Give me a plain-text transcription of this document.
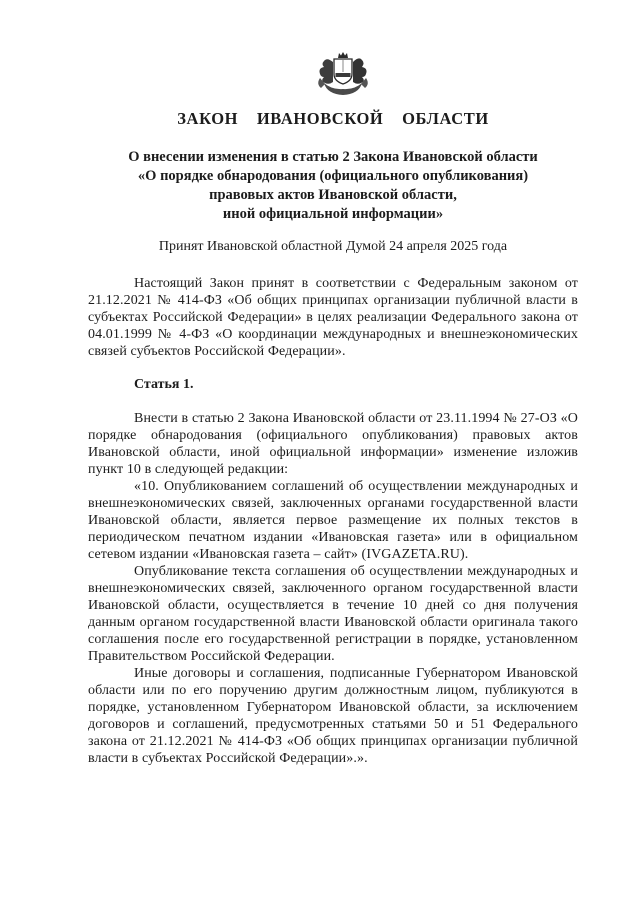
ЗАКОН ИВАНОВСКОЙ ОБЛАСТИ
О внесении изменения в статью 2 Закона Ивановской области
«О порядке обнародования (официального опубликования)
правовых актов Ивановской области,
иной официальной информации»
Принят Ивановской областной Думой 24 апреля 2025 года

Настоящий Закон принят в соответствии с Федеральным законом от 21.12.2021 № 414-ФЗ «Об общих принципах организации публичной власти в субъектах Российской Федерации» в целях реализации Федерального закона от 04.01.1999 № 4-ФЗ «О координации международных и внешнеэкономических связей субъектов Российской Федерации».

Статья 1.

Внести в статью 2 Закона Ивановской области от 23.11.1994 № 27-ОЗ «О порядке обнародования (официального опубликования) правовых актов Ивановской области, иной официальной информации» изменение изложив пункт 10 в следующей редакции:

«10. Опубликованием соглашений об осуществлении международных и внешнеэкономических связей, заключенных органами государственной власти Ивановской области, является первое размещение их полных текстов в периодическом печатном издании «Ивановская газета» или в официальном сетевом издании «Ивановская газета – сайт» (IVGAZETA.RU).

Опубликование текста соглашения об осуществлении международных и внешнеэкономических связей, заключенного органом государственной власти Ивановской области, осуществляется в течение 10 дней со дня получения данным органом государственной власти Ивановской области оригинала такого соглашения после его государственной регистрации в порядке, установленном Правительством Российской Федерации.

Иные договоры и соглашения, подписанные Губернатором Ивановской области или по его поручению другим должностным лицом, публикуются в порядке, установленном Губернатором Ивановской области, за исключением договоров и соглашений, предусмотренных статьями 50 и 51 Федерального закона от 21.12.2021 № 414-ФЗ «Об общих принципах организации публичной власти в субъектах Российской Федерации».».
